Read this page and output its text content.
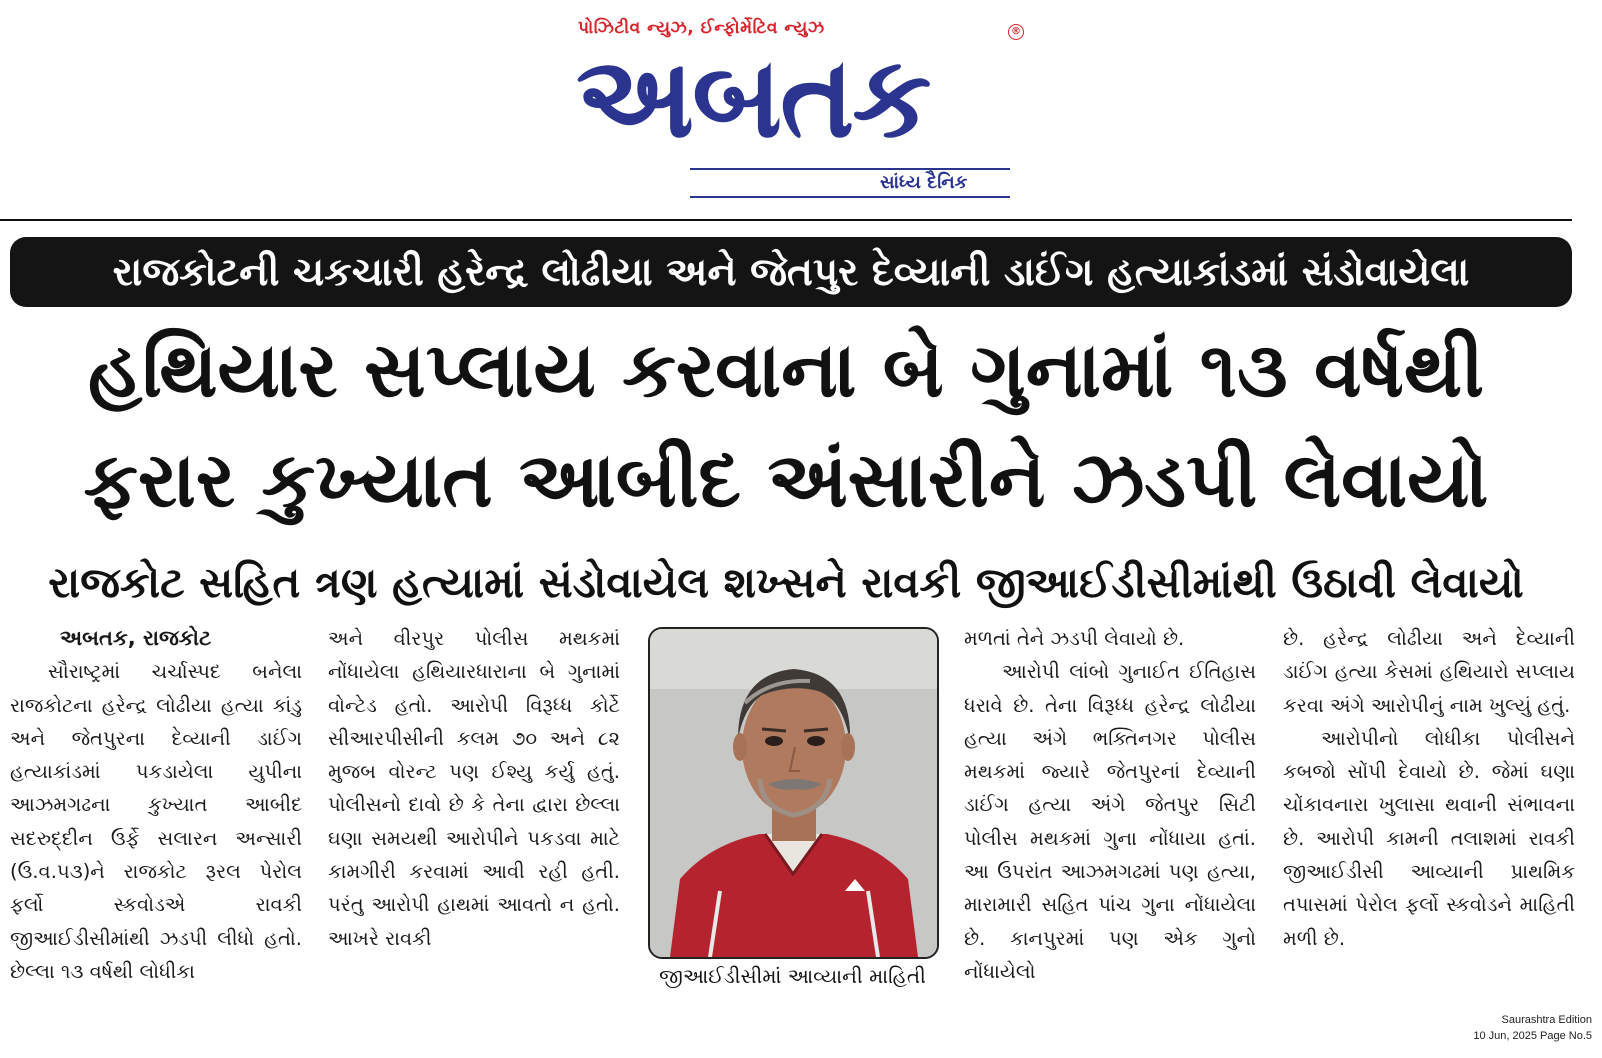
પોઝિટીવ ન્યુઝ, ઈન્ફોર્મેટિવ ન્યુઝ
અબતક
®
સાંધ્ય દૈનિક
રાજકોટની ચકચારી હરેન્દ્ર લોઢીયા અને જેતપુર દેવ્યાની ડાઈંગ હત્યાકાંડમાં સંડોવાયેલા
હથિયાર સપ્લાય કરવાના બે ગુનામાં ૧૩ વર્ષથી
ફરાર કુખ્યાત આબીદ અંસારીને ઝડપી લેવાયો
રાજકોટ સહિત ત્રણ હત્યામાં સંડોવાયેલ શખ્સને રાવકી જીઆઈડીસીમાંથી ઉઠાવી લેવાયો
અબતક, રાજકોટ

સૌરાષ્ટ્રમાં ચર્ચાસ્પદ બનેલા રાજકોટના હરેન્દ્ર લોઢીયા હત્યા કાંડુ અને જેતપુરના દેવ્યાની ડાઈંગ હત્યાકાંડમાં પકડાયેલા યુપીના આઝમગઢના કુખ્યાત આબીદ સદરુદ્દીન ઉર્ફે સલારન અન્સારી (ઉ.વ.૫૩)ને રાજકોટ રૂરલ પેરોલ ફર્લો સ્કવોડએ રાવકી જીઆઈડીસીમાંથી ઝડપી લીધો હતો. છેલ્લા ૧૩ વર્ષથી લોધીકા

અને વીરપુર પોલીસ મથકમાં નોંધાયેલા હથિયારધારાના બે ગુનામાં વોન્ટેડ હતો. આરોપી વિરૂધ્ધ કોર્ટે સીઆરપીસીની કલમ ૭૦ અને ૮૨ મુજબ વોરન્ટ પણ ઈશ્યુ કર્યુ હતું. પોલીસનો દાવો છે કે તેના દ્વારા છેલ્લા ઘણા સમયથી આરોપીને પકડવા માટે કામગીરી કરવામાં આવી રહી હતી. પરંતુ આરોપી હાથમાં આવતો ન હતો. આખરે રાવકી

જીઆઈડીસીમાં આવ્યાની માહિતી

મળતાં તેને ઝડપી લેવાયો છે.

આરોપી લાંબો ગુનાઈત ઈતિહાસ ધરાવે છે. તેના વિરૂધ્ધ હરેન્દ્ર લોઢીયા હત્યા અંગે ભક્તિનગર પોલીસ મથકમાં જ્યારે જેતપુરનાં દેવ્યાની ડાઈંગ હત્યા અંગે જેતપુર સિટી પોલીસ મથકમાં ગુના નોંધાયા હતાં. આ ઉપરાંત આઝમગઢમાં પણ હત્યા, મારામારી સહિત પાંચ ગુના નોંધાયેલા છે. કાનપુરમાં પણ એક ગુનો નોંધાયેલો

છે. હરેન્દ્ર લોઢીયા અને દેવ્યાની ડાઈંગ હત્યા કેસમાં હથિયારો સપ્લાય કરવા અંગે આરોપીનું નામ ખુલ્યું હતું.

આરોપીનો લોધીકા પોલીસને કબજો સોંપી દેવાયો છે. જેમાં ઘણા ચોંકાવનારા ખુલાસા થવાની સંભાવના છે. આરોપી કામની તલાશમાં રાવકી જીઆઈડીસી આવ્યાની પ્રાથમિક તપાસમાં પેરોલ ફર્લો સ્કવોડને માહિતી મળી છે.

Saurashtra Edition
10 Jun, 2025 Page No.5
